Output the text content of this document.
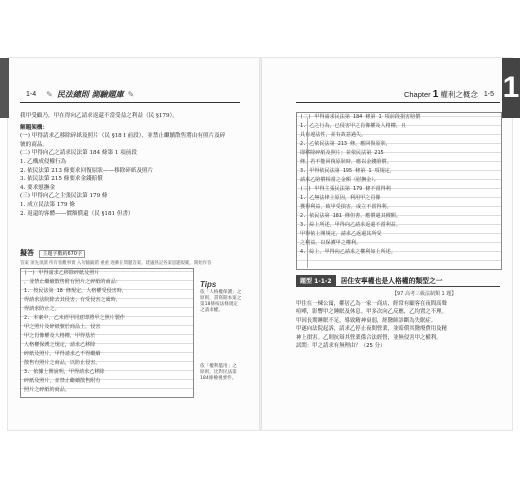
1
1-4 ✎ 民法總則 測驗題庫 ✎

我甲受顧乃，甲在得向乙請求返還不當受益之利益（民 §179）。

解題架構：

(一) 甲得請求乙移除碎紙及照片（民 §18 I 前段），並禁止繼續散售將由有照片及碎

號的商品。

(二) 甲得向乙之請求民法第 184 條第 1 項前段

1. 乙構成侵權行為

2. 依民法第 213 條要求回復原狀——移除碎紙及照片

3. 依民法第 215 條要求金錢賠償

4. 要求慰撫金

(三) 甲得向乙之主張民法第 179 條

1. 成立民法第 179 條

2. 返還的客體——價額償還（民 §181 但書）

擬答 主題字數約670字
答案 須先須讀 所有客觀事實 入勿隨隨錯 重重 逐漸在問題答案。建議熟記各案思題規範，開始作答
(一) 甲得請求乙移除碎紙及照片
，並禁止繼續散售附有照片之碎紙的商品：
1. 按民法第 18 條規定，人格權受侵害時，
得請求法院除去其侵害；有受侵害之虞時，
得請求防止之。
2. 本案中，乙未經甲同意即將甲之照片製作
甲之照片及碎紙號於商品上，侵害
甲之肖像權及人格權，甲得基於
人格權保護之規定，請求乙移除
碎紙及照片。甲得請求乙不得繼續
散售有照片之商品，以防止侵害。
3. 依據上開說明，甲得請求乙移除
碎紙及照片，並禁止繼續散售附有
照片之碎紙的商品。
Tips
依「人格權保護」之
原則，書寫開本案之
第18條按法條規定
之請求權。
依「權利濫用」之
原則，比對民法第
184條檢視要件。
Chapter 1 權利之概念 1-5
(二) 甲得請求民法第 184 條第 1 項前段損害賠償
1. 乙之行為，已侵害甲之肖像權及人格權，且
具有違法性，並有故意過失。
2. 乙依民法第 213 條，應回復原狀，
即移除碎紙及照片；並依民法第 215
條，若不能回復原狀時，應以金錢賠償。
3. 甲得依民法第 195 條第 1 項規定，
請求乙賠償相當之金額（慰撫金）。
(三) 甲得主張民法第 179 條不當得利
1. 乙無法律上原因，利用甲之肖像
獲得利益，致甲受損害，成立不當得利。
2. 依民法第 181 條但書，應償還其價額。
3. 綜上所述，甲得向乙請求返還不當利益。
甲得依上開規定，請求乙返還其所受
之利益，以保護甲之權利。
4. 綜上，甲得向乙請求之權利如上所述。
題型 1-1-2	居住安寧權也是人格權的類型之一
【97 高考三級法制類 1 題】

甲住在一棟公寓，鄰居乙為一家一商店，經常有顧客在夜間高聲

喧嘩，影響甲之睡眠及休息。甲多次向乙反應，乙均置之不理。

甲因長期睡眠不足，導致精神衰弱，經醫師診斷為失眠症。

甲遂向法院起訴，請求乙停止夜間營業，並賠償其醫療費用及精

神上損害。乙則抗辯其營業係合法經營，並無侵害甲之權利。

試問：甲之請求有無理由？（25 分）
